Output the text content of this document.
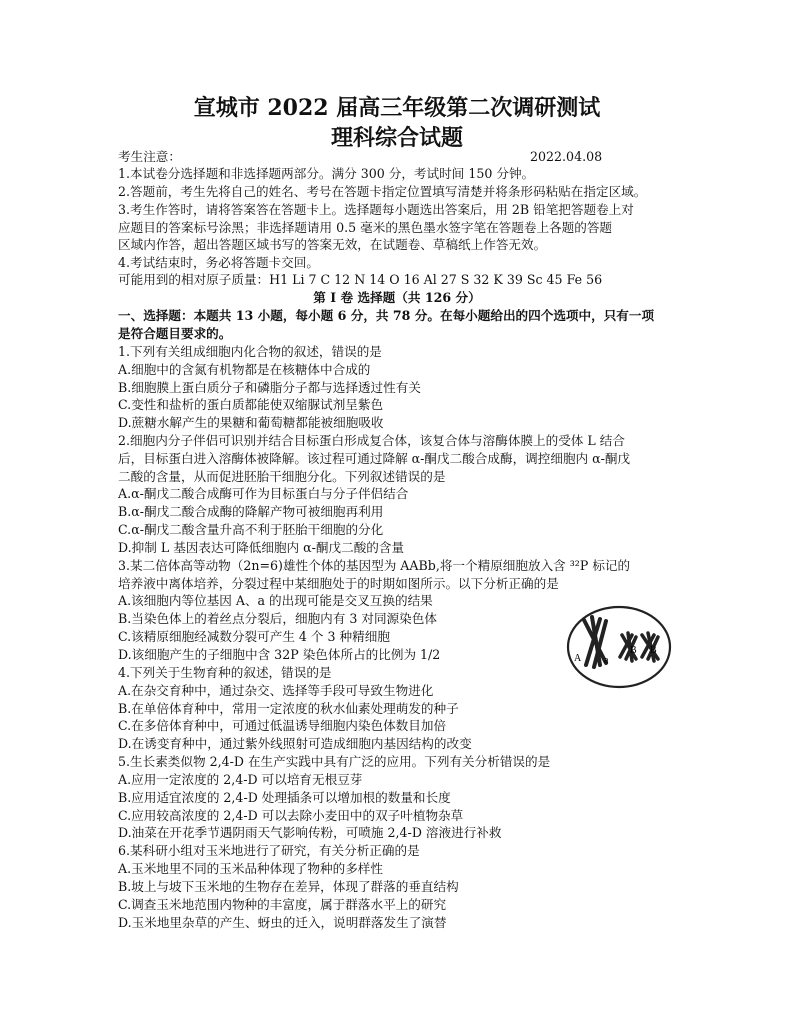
宣城市 2022 届高三年级第二次调研测试
理科综合试题
考生注意：	2022.04.08
1.本试卷分选择题和非选择题两部分。满分 300 分，考试时间 150 分钟。
2.答题前，考生先将自己的姓名、考号在答题卡指定位置填写清楚并将条形码粘贴在指定区域。
3.考生作答时，请将答案答在答题卡上。选择题每小题选出答案后，用 2B 铅笔把答题卷上对
应题目的答案标号涂黑；非选择题请用 0.5 毫米的黑色墨水签字笔在答题卷上各题的答题
区域内作答，超出答题区域书写的答案无效，在试题卷、草稿纸上作答无效。
4.考试结束时，务必将答题卡交回。
可能用到的相对原子质量：H1 Li 7 C 12 N 14 O 16 Al 27 S 32 K 39 Sc 45 Fe 56
第 I 卷 选择题（共 126 分）
一、选择题：本题共 13 小题，每小题 6 分，共 78 分。在每小题给出的四个选项中，只有一项
是符合题目要求的。
1.下列有关组成细胞内化合物的叙述，错误的是
A.细胞中的含氮有机物都是在核糖体中合成的
B.细胞膜上蛋白质分子和磷脂分子都与选择透过性有关
C.变性和盐析的蛋白质都能使双缩脲试剂呈紫色
D.蔗糖水解产生的果糖和葡萄糖都能被细胞吸收
2.细胞内分子伴侣可识别并结合目标蛋白形成复合体，该复合体与溶酶体膜上的受体 L 结合
后，目标蛋白进入溶酶体被降解。该过程可通过降解 α-酮戊二酸合成酶，调控细胞内 α-酮戊
二酸的含量，从而促进胚胎干细胞分化。下列叙述错误的是
A.α-酮戊二酸合成酶可作为目标蛋白与分子伴侣结合
B.α-酮戊二酸合成酶的降解产物可被细胞再利用
C.α-酮戊二酸含量升高不利于胚胎干细胞的分化
D.抑制 L 基因表达可降低细胞内 α-酮戊二酸的含量
3.某二倍体高等动物（2n=6)雄性个体的基因型为 AABb,将一个精原细胞放入含 ³²P 标记的
培养液中离体培养，分裂过程中某细胞处于的时期如图所示。以下分析正确的是
A.该细胞内等位基因 A、a 的出现可能是交叉互换的结果
B.当染色体上的着丝点分裂后，细胞内有 3 对同源染色体
C.该精原细胞经减数分裂可产生 4 个 3 种精细胞
D.该细胞产生的子细胞中含 32P 染色体所占的比例为 1/2
4.下列关于生物育种的叙述，错误的是
A.在杂交育种中，通过杂交、选择等手段可导致生物进化
B.在单倍体育种中，常用一定浓度的秋水仙素处理萌发的种子
C.在多倍体育种中，可通过低温诱导细胞内染色体数目加倍
D.在诱变育种中，通过紫外线照射可造成细胞内基因结构的改变
5.生长素类似物 2,4-D 在生产实践中具有广泛的应用。下列有关分析错误的是
A.应用一定浓度的 2,4-D 可以培育无根豆芽
B.应用适宜浓度的 2,4-D 处理插条可以增加根的数量和长度
C.应用较高浓度的 2,4-D 可以去除小麦田中的双子叶植物杂草
D.油菜在开花季节遇阴雨天气影响传粉，可喷施 2,4-D 溶液进行补救
6.某科研小组对玉米地进行了研究，有关分析正确的是
A.玉米地里不同的玉米品种体现了物种的多样性
B.坡上与坡下玉米地的生物存在差异，体现了群落的垂直结构
C.调查玉米地范围内物种的丰富度，属于群落水平上的研究
D.玉米地里杂草的产生、蚜虫的迁入，说明群落发生了演替
A a
B B
